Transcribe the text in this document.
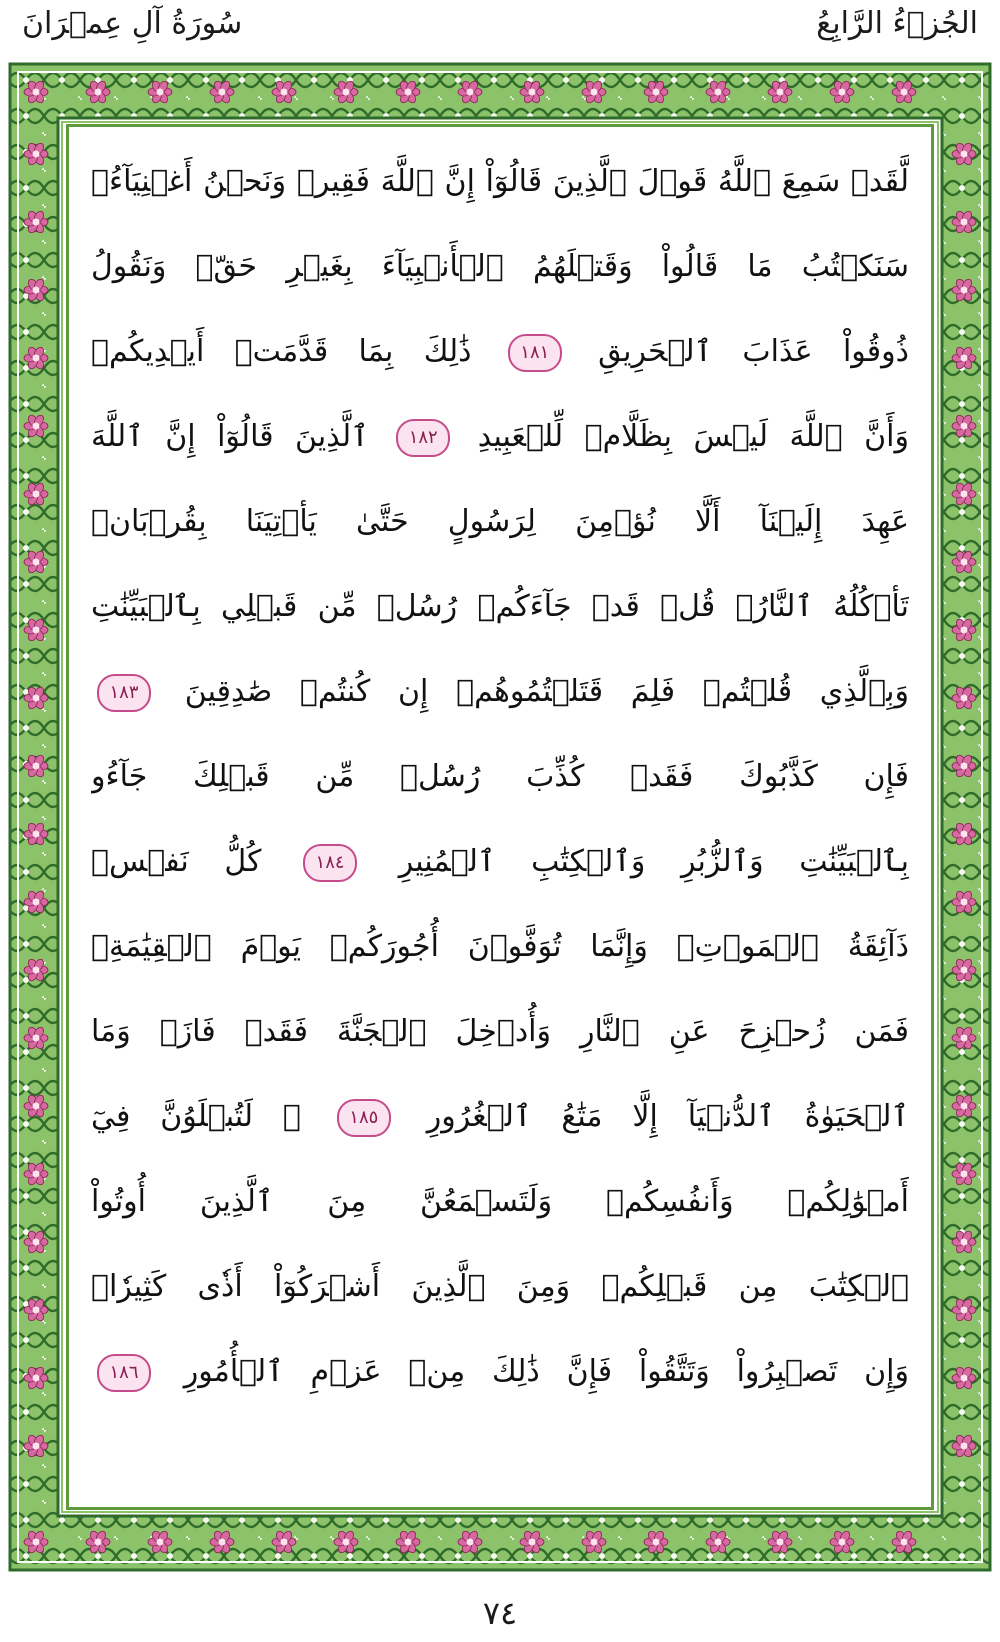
الجُزۡءُ الرَّابِعُ
سُورَةُ آلِ عِمۡرَانَ
لَّقَدۡ سَمِعَ ٱللَّهُ قَوۡلَ ٱلَّذِينَ قَالُوٓاْ إِنَّ ٱللَّهَ فَقِيرٞ وَنَحۡنُ أَغۡنِيَآءُۘ
سَنَكۡتُبُ مَا قَالُواْ وَقَتۡلَهُمُ ٱلۡأَنۢبِيَآءَ بِغَيۡرِ حَقّٖ وَنَقُولُ
ذُوقُواْ عَذَابَ ٱلۡحَرِيقِ ١٨١ ذَٰلِكَ بِمَا قَدَّمَتۡ أَيۡدِيكُمۡ
وَأَنَّ ٱللَّهَ لَيۡسَ بِظَلَّامٖ لِّلۡعَبِيدِ ١٨٢ ٱلَّذِينَ قَالُوٓاْ إِنَّ ٱللَّهَ
عَهِدَ إِلَيۡنَآ أَلَّا نُؤۡمِنَ لِرَسُولٍ حَتَّىٰ يَأۡتِيَنَا بِقُرۡبَانٖ
تَأۡكُلُهُ ٱلنَّارُۗ قُلۡ قَدۡ جَآءَكُمۡ رُسُلٞ مِّن قَبۡلِي بِٱلۡبَيِّنَٰتِ
وَبِٱلَّذِي قُلۡتُمۡ فَلِمَ قَتَلۡتُمُوهُمۡ إِن كُنتُمۡ صَٰدِقِينَ ١٨٣
فَإِن كَذَّبُوكَ فَقَدۡ كُذِّبَ رُسُلٞ مِّن قَبۡلِكَ جَآءُو
بِٱلۡبَيِّنَٰتِ وَٱلزُّبُرِ وَٱلۡكِتَٰبِ ٱلۡمُنِيرِ ١٨٤ كُلُّ نَفۡسٖ
ذَآئِقَةُ ٱلۡمَوۡتِۗ وَإِنَّمَا تُوَفَّوۡنَ أُجُورَكُمۡ يَوۡمَ ٱلۡقِيَٰمَةِۖ
فَمَن زُحۡزِحَ عَنِ ٱلنَّارِ وَأُدۡخِلَ ٱلۡجَنَّةَ فَقَدۡ فَازَۗ وَمَا
ٱلۡحَيَوٰةُ ٱلدُّنۡيَآ إِلَّا مَتَٰعُ ٱلۡغُرُورِ ١٨٥ ۞ لَتُبۡلَوُنَّ فِيٓ
أَمۡوَٰلِكُمۡ وَأَنفُسِكُمۡ وَلَتَسۡمَعُنَّ مِنَ ٱلَّذِينَ أُوتُواْ
ٱلۡكِتَٰبَ مِن قَبۡلِكُمۡ وَمِنَ ٱلَّذِينَ أَشۡرَكُوٓاْ أَذٗى كَثِيرٗاۚ
وَإِن تَصۡبِرُواْ وَتَتَّقُواْ فَإِنَّ ذَٰلِكَ مِنۡ عَزۡمِ ٱلۡأُمُورِ ١٨٦
٧٤
